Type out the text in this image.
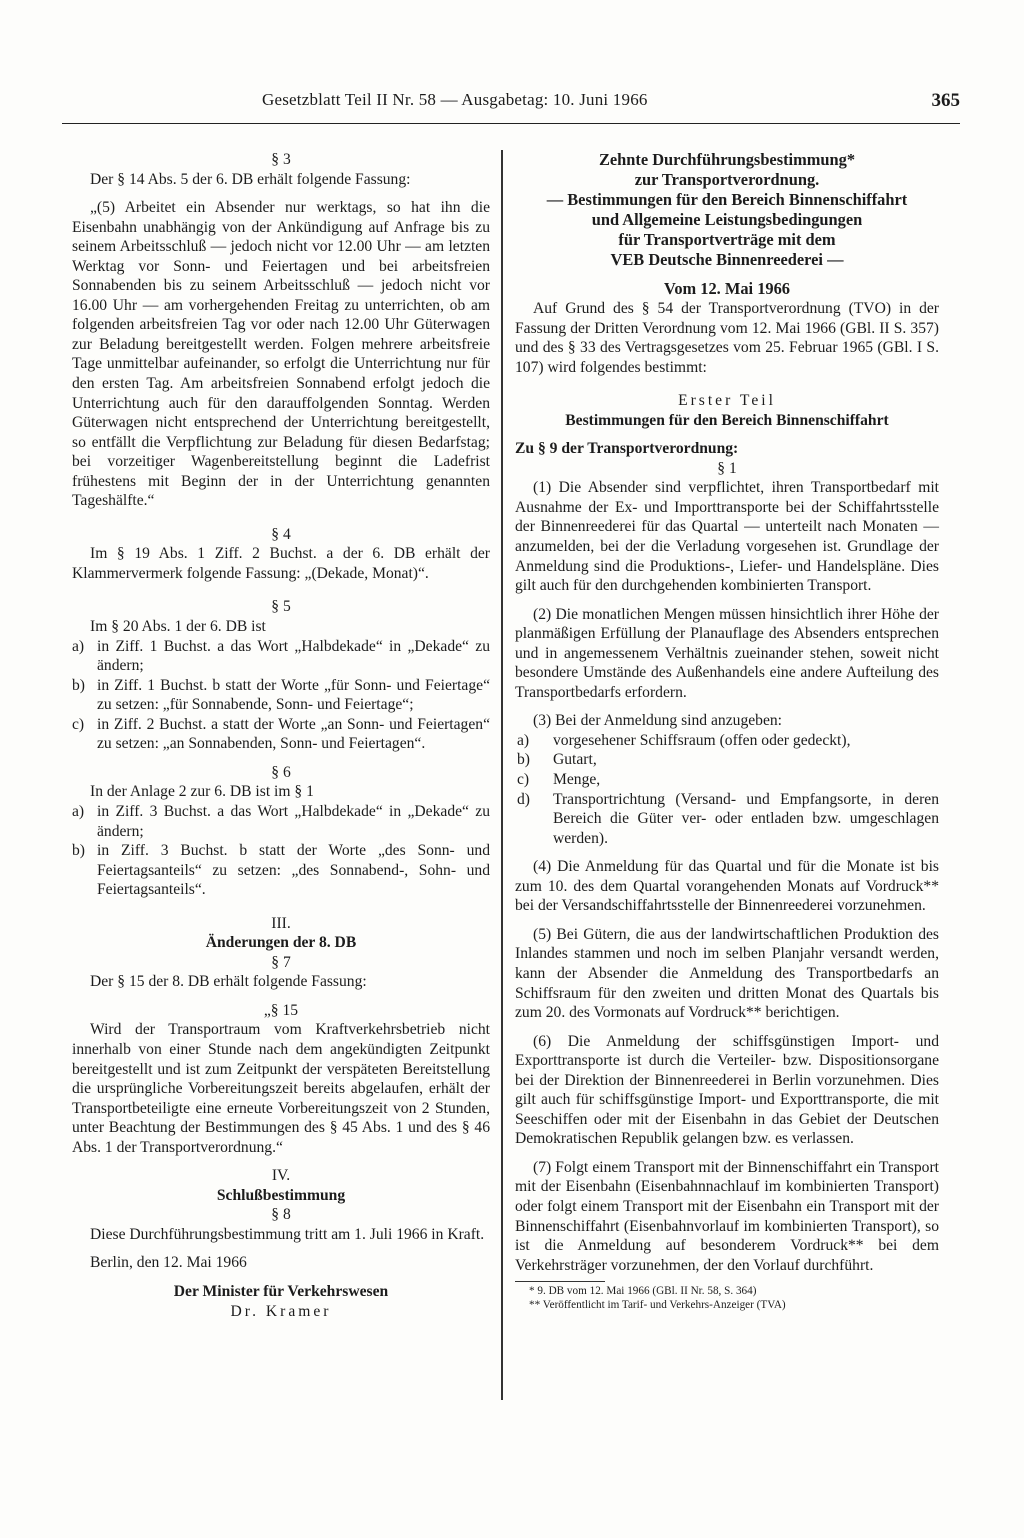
Gesetzblatt Teil II Nr. 58 — Ausgabetag: 10. Juni 1966	365

§ 3

Der § 14 Abs. 5 der 6. DB erhält folgende Fassung:

„(5) Arbeitet ein Absender nur werktags, so hat ihn die Eisenbahn unabhängig von der Ankündigung auf Anfrage bis zu seinem Arbeitsschluß — jedoch nicht vor 12.00 Uhr — am letzten Werktag vor Sonn- und Feiertagen und bei arbeitsfreien Sonnabenden bis zu seinem Arbeitsschluß — jedoch nicht vor 16.00 Uhr — am vorhergehenden Freitag zu unterrichten, ob am folgenden arbeitsfreien Tag vor oder nach 12.00 Uhr Güterwagen zur Beladung bereitgestellt werden. Folgen mehrere arbeitsfreie Tage unmittelbar aufeinander, so erfolgt die Unterrichtung nur für den ersten Tag. Am arbeitsfreien Sonnabend erfolgt jedoch die Unterrichtung auch für den darauffolgenden Sonntag. Werden Güterwagen nicht entsprechend der Unterrichtung bereitgestellt, so entfällt die Verpflichtung zur Beladung für diesen Bedarfstag; bei vorzeitiger Wagenbereitstellung beginnt die Ladefrist frühestens mit Beginn der in der Unterrichtung genannten Tageshälfte.“

§ 4

Im § 19 Abs. 1 Ziff. 2 Buchst. a der 6. DB erhält der Klammervermerk folgende Fassung: „(Dekade, Monat)“.

§ 5

Im § 20 Abs. 1 der 6. DB ist

a) in Ziff. 1 Buchst. a das Wort „Halbdekade“ in „Dekade“ zu ändern;
b) in Ziff. 1 Buchst. b statt der Worte „für Sonn- und Feiertage“ zu setzen: „für Sonnabende, Sonn- und Feiertage“;
c) in Ziff. 2 Buchst. a statt der Worte „an Sonn- und Feiertagen“ zu setzen: „an Sonnabenden, Sonn- und Feiertagen“.

§ 6

In der Anlage 2 zur 6. DB ist im § 1

a) in Ziff. 3 Buchst. a das Wort „Halbdekade“ in „Dekade“ zu ändern;
b) in Ziff. 3 Buchst. b statt der Worte „des Sonn- und Feiertagsanteils“ zu setzen: „des Sonnabend-, Sohn- und Feiertagsanteils“.

III.

Änderungen der 8. DB

§ 7

Der § 15 der 8. DB erhält folgende Fassung:

„§ 15

Wird der Transportraum vom Kraftverkehrsbetrieb nicht innerhalb von einer Stunde nach dem angekündigten Zeitpunkt bereitgestellt und ist zum Zeitpunkt der verspäteten Bereitstellung die ursprüngliche Vorbereitungszeit bereits abgelaufen, erhält der Transportbeteiligte eine erneute Vorbereitungszeit von 2 Stunden, unter Beachtung der Bestimmungen des § 45 Abs. 1 und des § 46 Abs. 1 der Transportverordnung.“

IV.

Schlußbestimmung

§ 8

Diese Durchführungsbestimmung tritt am 1. Juli 1966 in Kraft.

Berlin, den 12. Mai 1966

Der Minister für Verkehrswesen

Dr. Kramer

Zehnte Durchführungsbestimmung*

zur Transportverordnung.

— Bestimmungen für den Bereich Binnenschiffahrt

und Allgemeine Leistungsbedingungen

für Transportverträge mit dem

VEB Deutsche Binnenreederei —

Vom 12. Mai 1966

Auf Grund des § 54 der Transportverordnung (TVO) in der Fassung der Dritten Verordnung vom 12. Mai 1966 (GBl. II S. 357) und des § 33 des Vertragsgesetzes vom 25. Februar 1965 (GBl. I S. 107) wird folgendes bestimmt:

Erster Teil

Bestimmungen für den Bereich Binnenschiffahrt

Zu § 9 der Transportverordnung:

§ 1

(1) Die Absender sind verpflichtet, ihren Transportbedarf mit Ausnahme der Ex- und Importtransporte bei der Schiffahrtsstelle der Binnenreederei für das Quartal — unterteilt nach Monaten — anzumelden, bei der die Verladung vorgesehen ist. Grundlage der Anmeldung sind die Produktions-, Liefer- und Handelspläne. Dies gilt auch für den durchgehenden kombinierten Transport.

(2) Die monatlichen Mengen müssen hinsichtlich ihrer Höhe der planmäßigen Erfüllung der Planauflage des Absenders entsprechen und in angemessenem Verhältnis zueinander stehen, soweit nicht besondere Umstände des Außenhandels eine andere Aufteilung des Transportbedarfs erfordern.

(3) Bei der Anmeldung sind anzugeben:

a)	vorgesehener Schiffsraum (offen oder gedeckt),
b)	Gutart,
c)	Menge,
d)	Transportrichtung (Versand- und Empfangsorte, in deren Bereich die Güter ver- oder entladen bzw. umgeschlagen werden).

(4) Die Anmeldung für das Quartal und für die Monate ist bis zum 10. des dem Quartal vorangehenden Monats auf Vordruck** bei der Versandschiffahrtsstelle der Binnenreederei vorzunehmen.

(5) Bei Gütern, die aus der landwirtschaftlichen Produktion des Inlandes stammen und noch im selben Planjahr versandt werden, kann der Absender die Anmeldung des Transportbedarfs an Schiffsraum für den zweiten und dritten Monat des Quartals bis zum 20. des Vormonats auf Vordruck** berichtigen.

(6) Die Anmeldung der schiffsgünstigen Import- und Exporttransporte ist durch die Verteiler- bzw. Dispositionsorgane bei der Direktion der Binnenreederei in Berlin vorzunehmen. Dies gilt auch für schiffsgünstige Import- und Exporttransporte, die mit Seeschiffen oder mit der Eisenbahn in das Gebiet der Deutschen Demokratischen Republik gelangen bzw. es verlassen.

(7) Folgt einem Transport mit der Binnenschiffahrt ein Transport mit der Eisenbahn (Eisenbahnnachlauf im kombinierten Transport) oder folgt einem Transport mit der Eisenbahn ein Transport mit der Binnenschiffahrt (Eisenbahnvorlauf im kombinierten Transport), so ist die Anmeldung auf besonderem Vordruck** bei dem Verkehrsträger vorzunehmen, der den Vorlauf durchführt.

* 9. DB vom 12. Mai 1966 (GBl. II Nr. 58, S. 364)

** Veröffentlicht im Tarif- und Verkehrs-Anzeiger (TVA)
